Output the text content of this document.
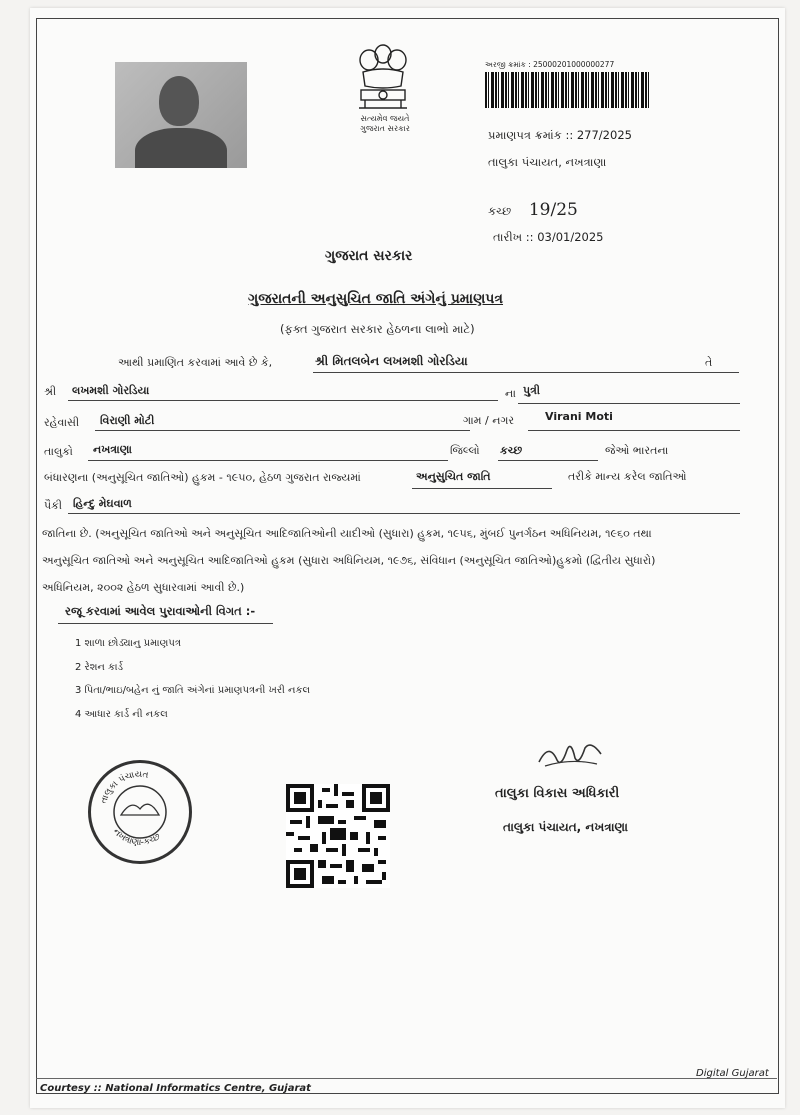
સત્યમેવ જયતે
ગુજરાત સરકાર
અરજી ક્રમાંક : 25000201000000277
પ્રમાણપત્ર ક્રમાંક :: 277/2025
તાલુકા પંચાયત, નખત્રાણા
કચ્છ 19/25
તારીખ :: 03/01/2025
ગુજરાત સરકાર
ગુજરાતની અનુસુચિત જાતિ અંગેનું પ્રમાણપત્ર
(ફક્ત ગુજરાત સરકાર હેઠળના લાભો માટે)
આથી પ્રમાણિત કરવામાં આવે છે કે,	શ્રી મિતલબેન લખમશી ગોરડિયા	તે
શ્રી લખમશી ગોરડિયા	ના પુત્રી
રહેવાસી વિરાણી મોટી	ગામ / નગર	Virani Moti
તાલુકો નખત્રાણા	જિલ્લો કચ્છ	જેઓ ભારતના
બંધારણના (અનુસૂચિત જાતિઓ) હુકમ - ૧૯૫૦, હેઠળ ગુજરાત રાજ્યમાં	અનુસુચિત જાતિ	તરીકે માન્ય કરેલ જાતિઓ
પૈકી હિન્દુ મેઘવાળ
જાતિના છે. (અનુસૂચિત જાતિઓ અને અનુસૂચિત આદિજાતિઓની યાદીઓ (સુધારા) હુકમ, ૧૯૫૬, મુંબઈ પુનર્ગઠન અધિનિયમ, ૧૯૬૦ તથા
અનુસૂચિત જાતિઓ અને અનુસૂચિત આદિજાતિઓ હુકમ (સુધારા અધિનિયમ, ૧૯૭૬, સંવિધાન (અનુસૂચિત જાતિઓ)હુકમો (દ્વિતીય સુધારો)
અધિનિયમ, ૨૦૦૨ હેઠળ સુધારવામાં આવી છે.)
રજૂ કરવામાં આવેલ પુરાવાઓની વિગત :-
1 શાળા છોડ્યાનુ પ્રમાણપત્ર
2 રેશન કાર્ડ
3 પિતા/ભાઇ/બહેન નું જાતિ અંગેનાં પ્રમાણપત્રની ખરી નકલ
4 આધાર કાર્ડ ની નકલ
તાલુકા પંચાયત
નખત્રાણા-કચ્છ
તાલુકા વિકાસ અધિકારી
તાલુકા પંચાયત, નખત્રાણા
Digital Gujarat
Courtesy :: National Informatics Centre, Gujarat
